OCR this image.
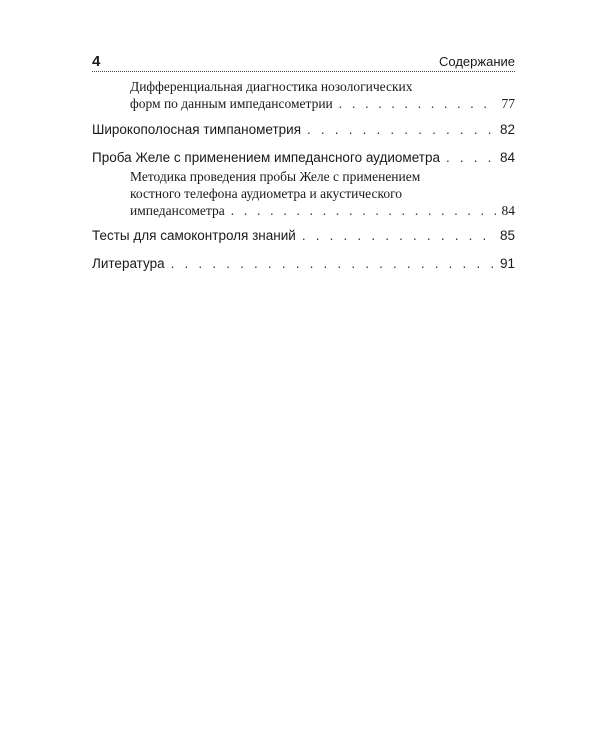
4	Содержание
Дифференциальная диагностика нозологических
форм по данным импедансометрии . . .	77
Широкополосная тимпанометрия . . .	82
Проба Желе с применением импедансного аудиометра . . .	84
Методика проведения пробы Желе с применением
костного телефона аудиометра и акустического
импедансометра . . .	84
Тесты для самоконтроля знаний . . .	85
Литература . . .	91
